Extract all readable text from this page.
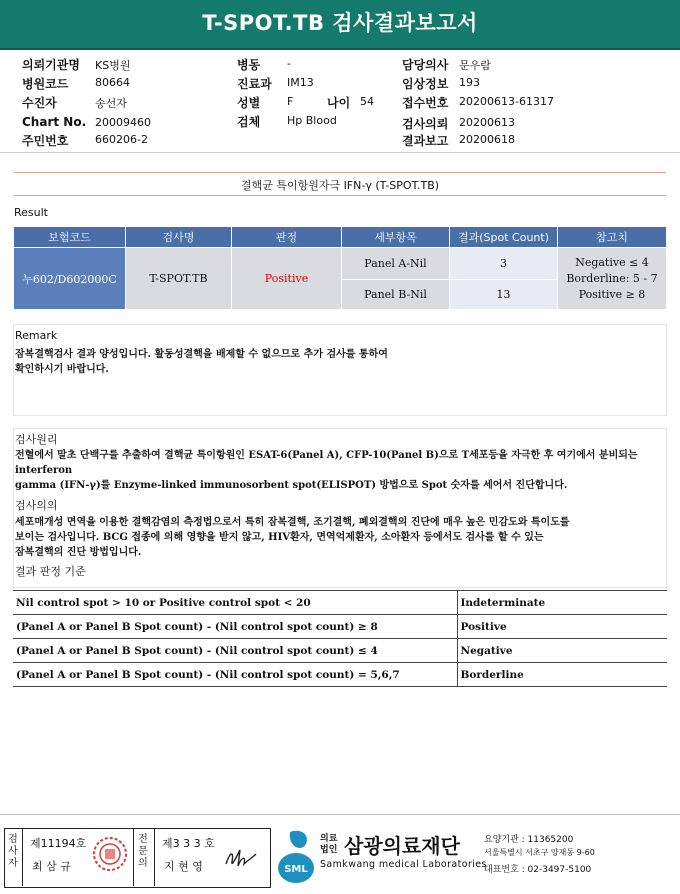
T-SPOT.TB 검사결과보고서
의뢰기관명 KS병원
병원코드 80664
수진자	송선자
Chart No. 20009460
주민번호 660206-2
병동 -
진료과 IM13
성별 F	나이 54
검체 Hp Blood
담당의사 문우람
임상정보 193
접수번호 20200613-61317
검사의뢰 20200613
결과보고 20200618
결핵균 특이항원자극 IFN-γ (T-SPOT.TB)
Result
보험코드	검사명	판정	세부항목	결과(Spot Count)	참고치
누602/D602000C	T-SPOT.TB	Positive	Panel A-Nil	3	Negative ≤ 4
Borderline: 5 - 7
Positive ≥ 8

			Panel B-Nil	13	
Remark
잠복결핵검사 결과 양성입니다. 활동성결핵을 배제할 수 없으므로 추가 검사를 통하여
확인하시기 바랍니다.
검사원리
전혈에서 말초 단백구를 추출하여 결핵균 특이항원인 ESAT-6(Panel A), CFP-10(Panel B)으로 T세포등을 자극한 후 여기에서 분비되는 interferon
gamma (IFN-γ)를 Enzyme-linked immunosorbent spot(ELISPOT) 방법으로 Spot 숫자를 세어서 진단합니다.
검사의의
세포매개성 면역을 이용한 결핵감염의 측정법으로서 특히 잠복결핵, 조기결핵, 폐외결핵의 진단에 매우 높은 민감도와 특이도를
보이는 검사입니다. BCG 접종에 의해 영향을 받지 않고, HIV환자, 면역억제환자, 소아환자 등에서도 검사를 할 수 있는
잠복결핵의 진단 방법입니다.
결과 판정 기준
Nil control spot > 10 or Positive control spot < 20	Indeterminate
(Panel A or Panel B Spot count) - (Nil control spot count) ≥ 8	Positive
(Panel A or Panel B Spot count) - (Nil control spot count) ≤ 4	Negative
(Panel A or Panel B Spot count) - (Nil control spot count) = 5,6,7	Borderline
검사자
제11194호
최 삼 규
전문의
제3 3 3 호
지 현 영	SML
의료법인 삼광의료재단
Samkwang medical Laboratories
요양기관 : 11365200
서울특별시 서초구 양재동 9-60
대표번호 : 02-3497-5100
